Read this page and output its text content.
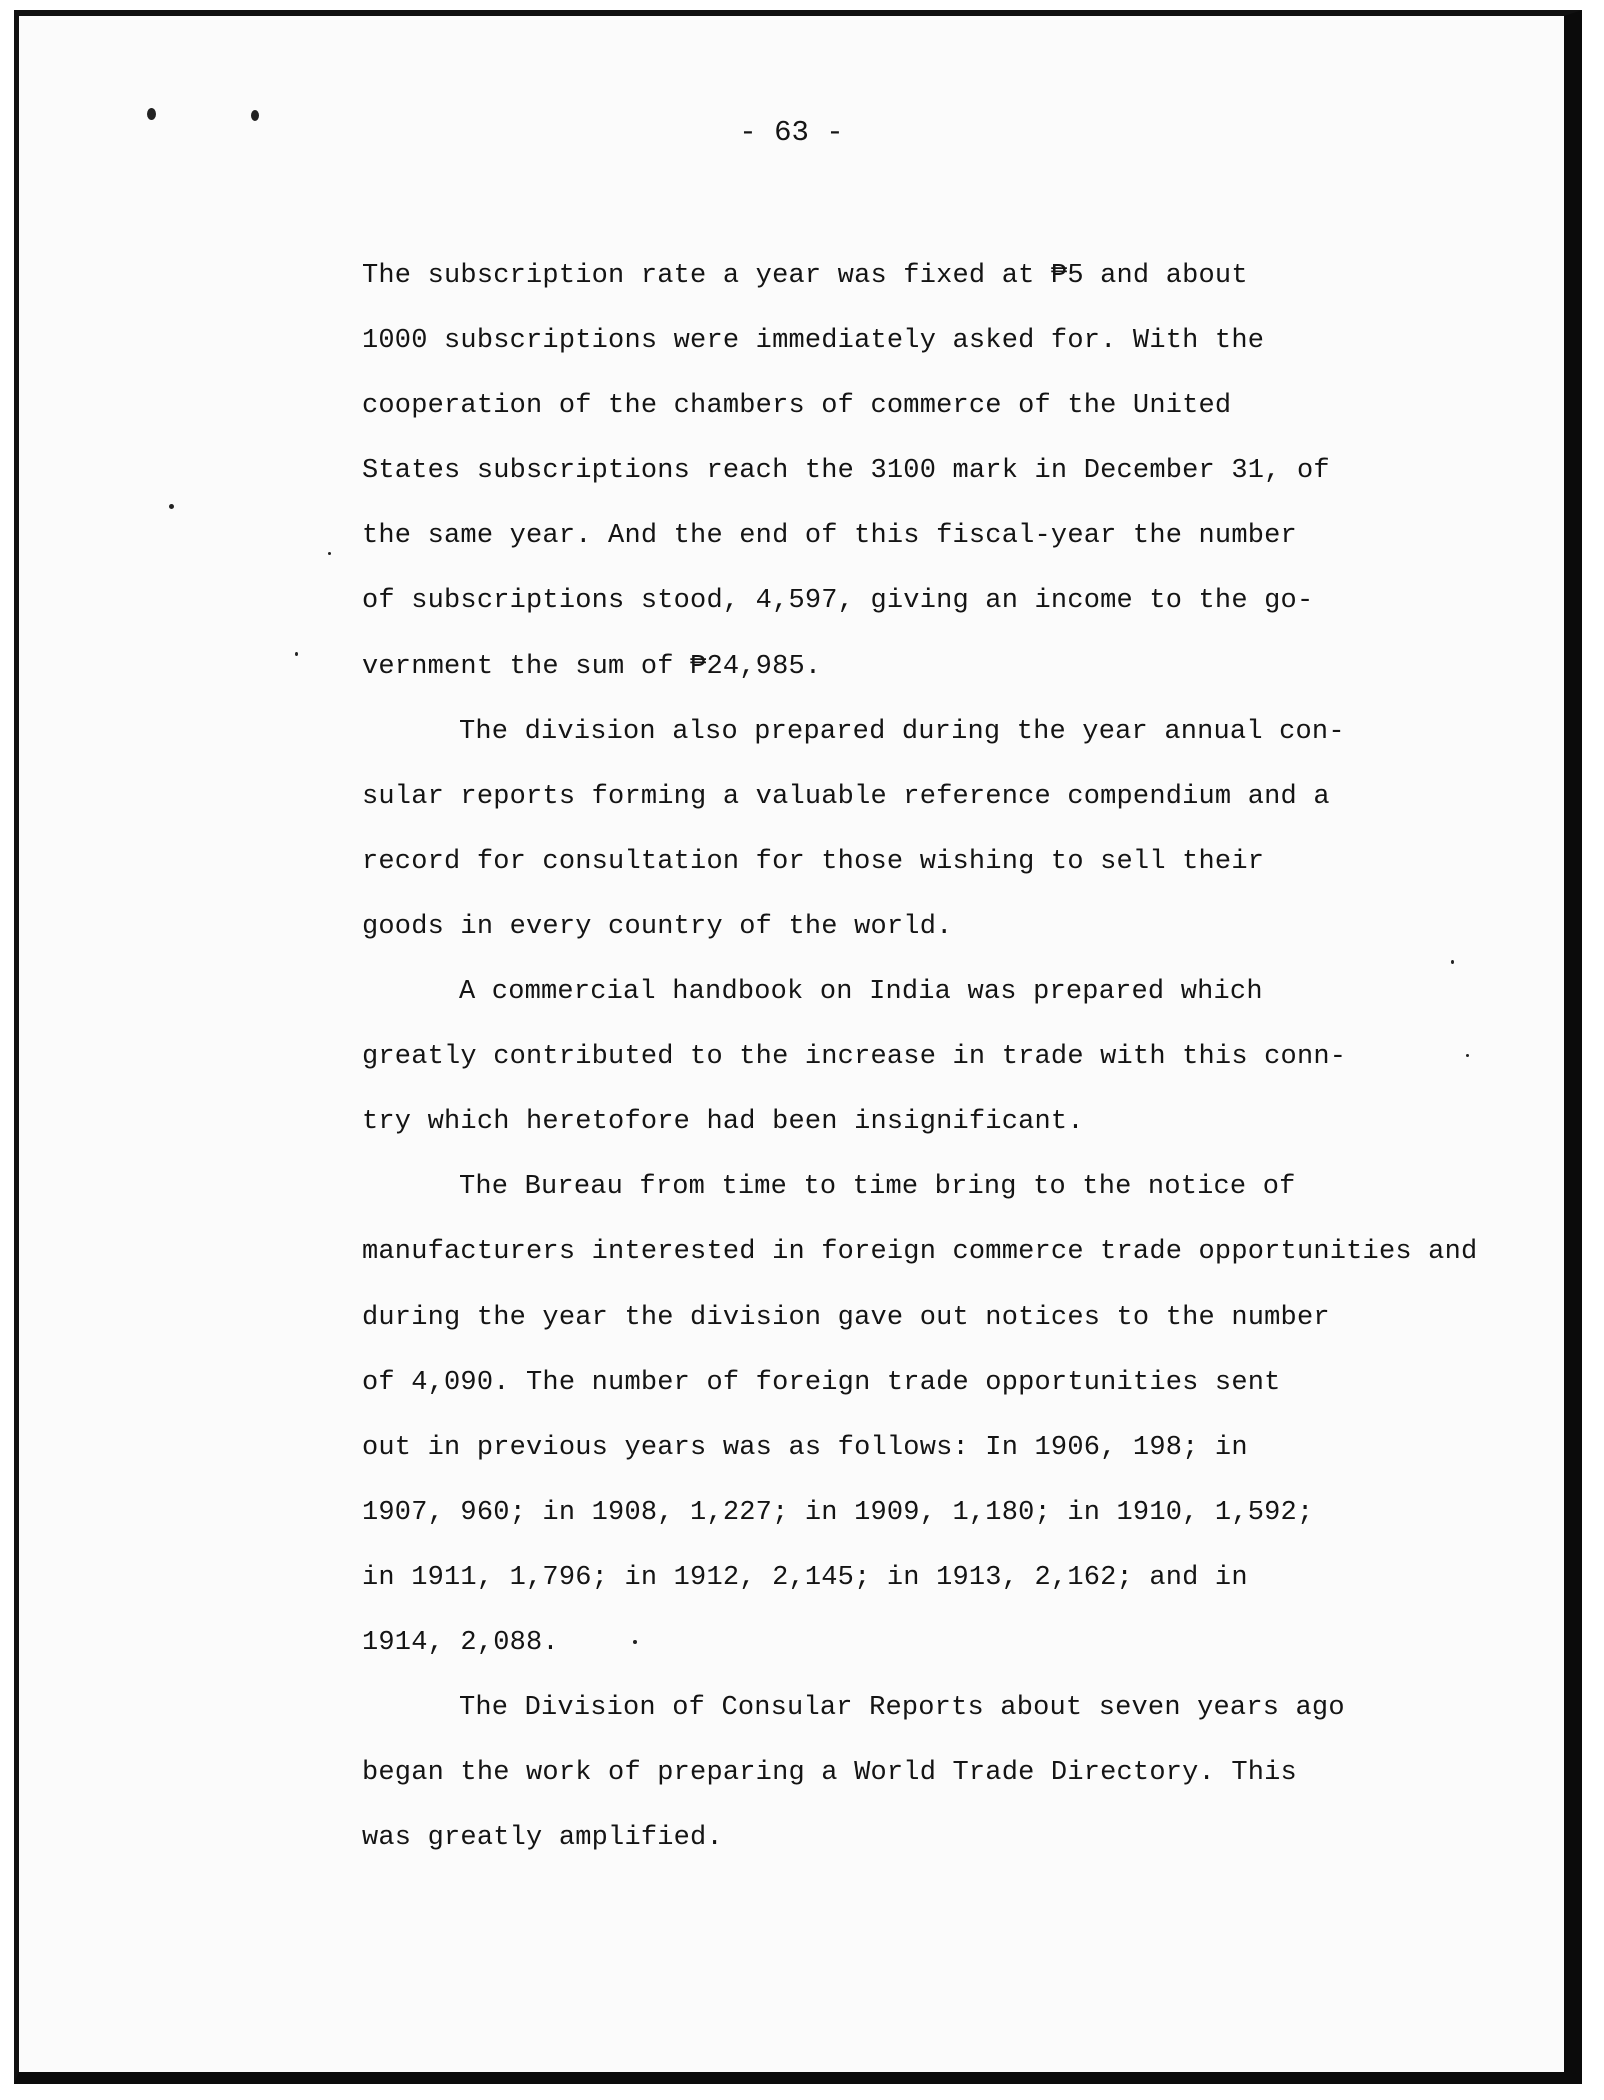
- 63 -
The subscription rate a year was fixed at ₱5 and about
1000 subscriptions were immediately asked for. With the
cooperation of the chambers of commerce of the United
States subscriptions reach the 3100 mark in December 31, of
the same year. And the end of this fiscal-year the number
of subscriptions stood, 4,597, giving an income to the go-
vernment the sum of ₱24,985.
The division also prepared during the year annual con-
sular reports forming a valuable reference compendium and a
record for consultation for those wishing to sell their
goods in every country of the world.
A commercial handbook on India was prepared which
greatly contributed to the increase in trade with this conn-
try which heretofore had been insignificant.
The Bureau from time to time bring to the notice of
manufacturers interested in foreign commerce trade opportunities and
during the year the division gave out notices to the number
of 4,090. The number of foreign trade opportunities sent
out in previous years was as follows: In 1906, 198; in
1907, 960; in 1908, 1,227; in 1909, 1,180; in 1910, 1,592;
in 1911, 1,796; in 1912, 2,145; in 1913, 2,162; and in
1914, 2,088.
The Division of Consular Reports about seven years ago
began the work of preparing a World Trade Directory. This
was greatly amplified.
